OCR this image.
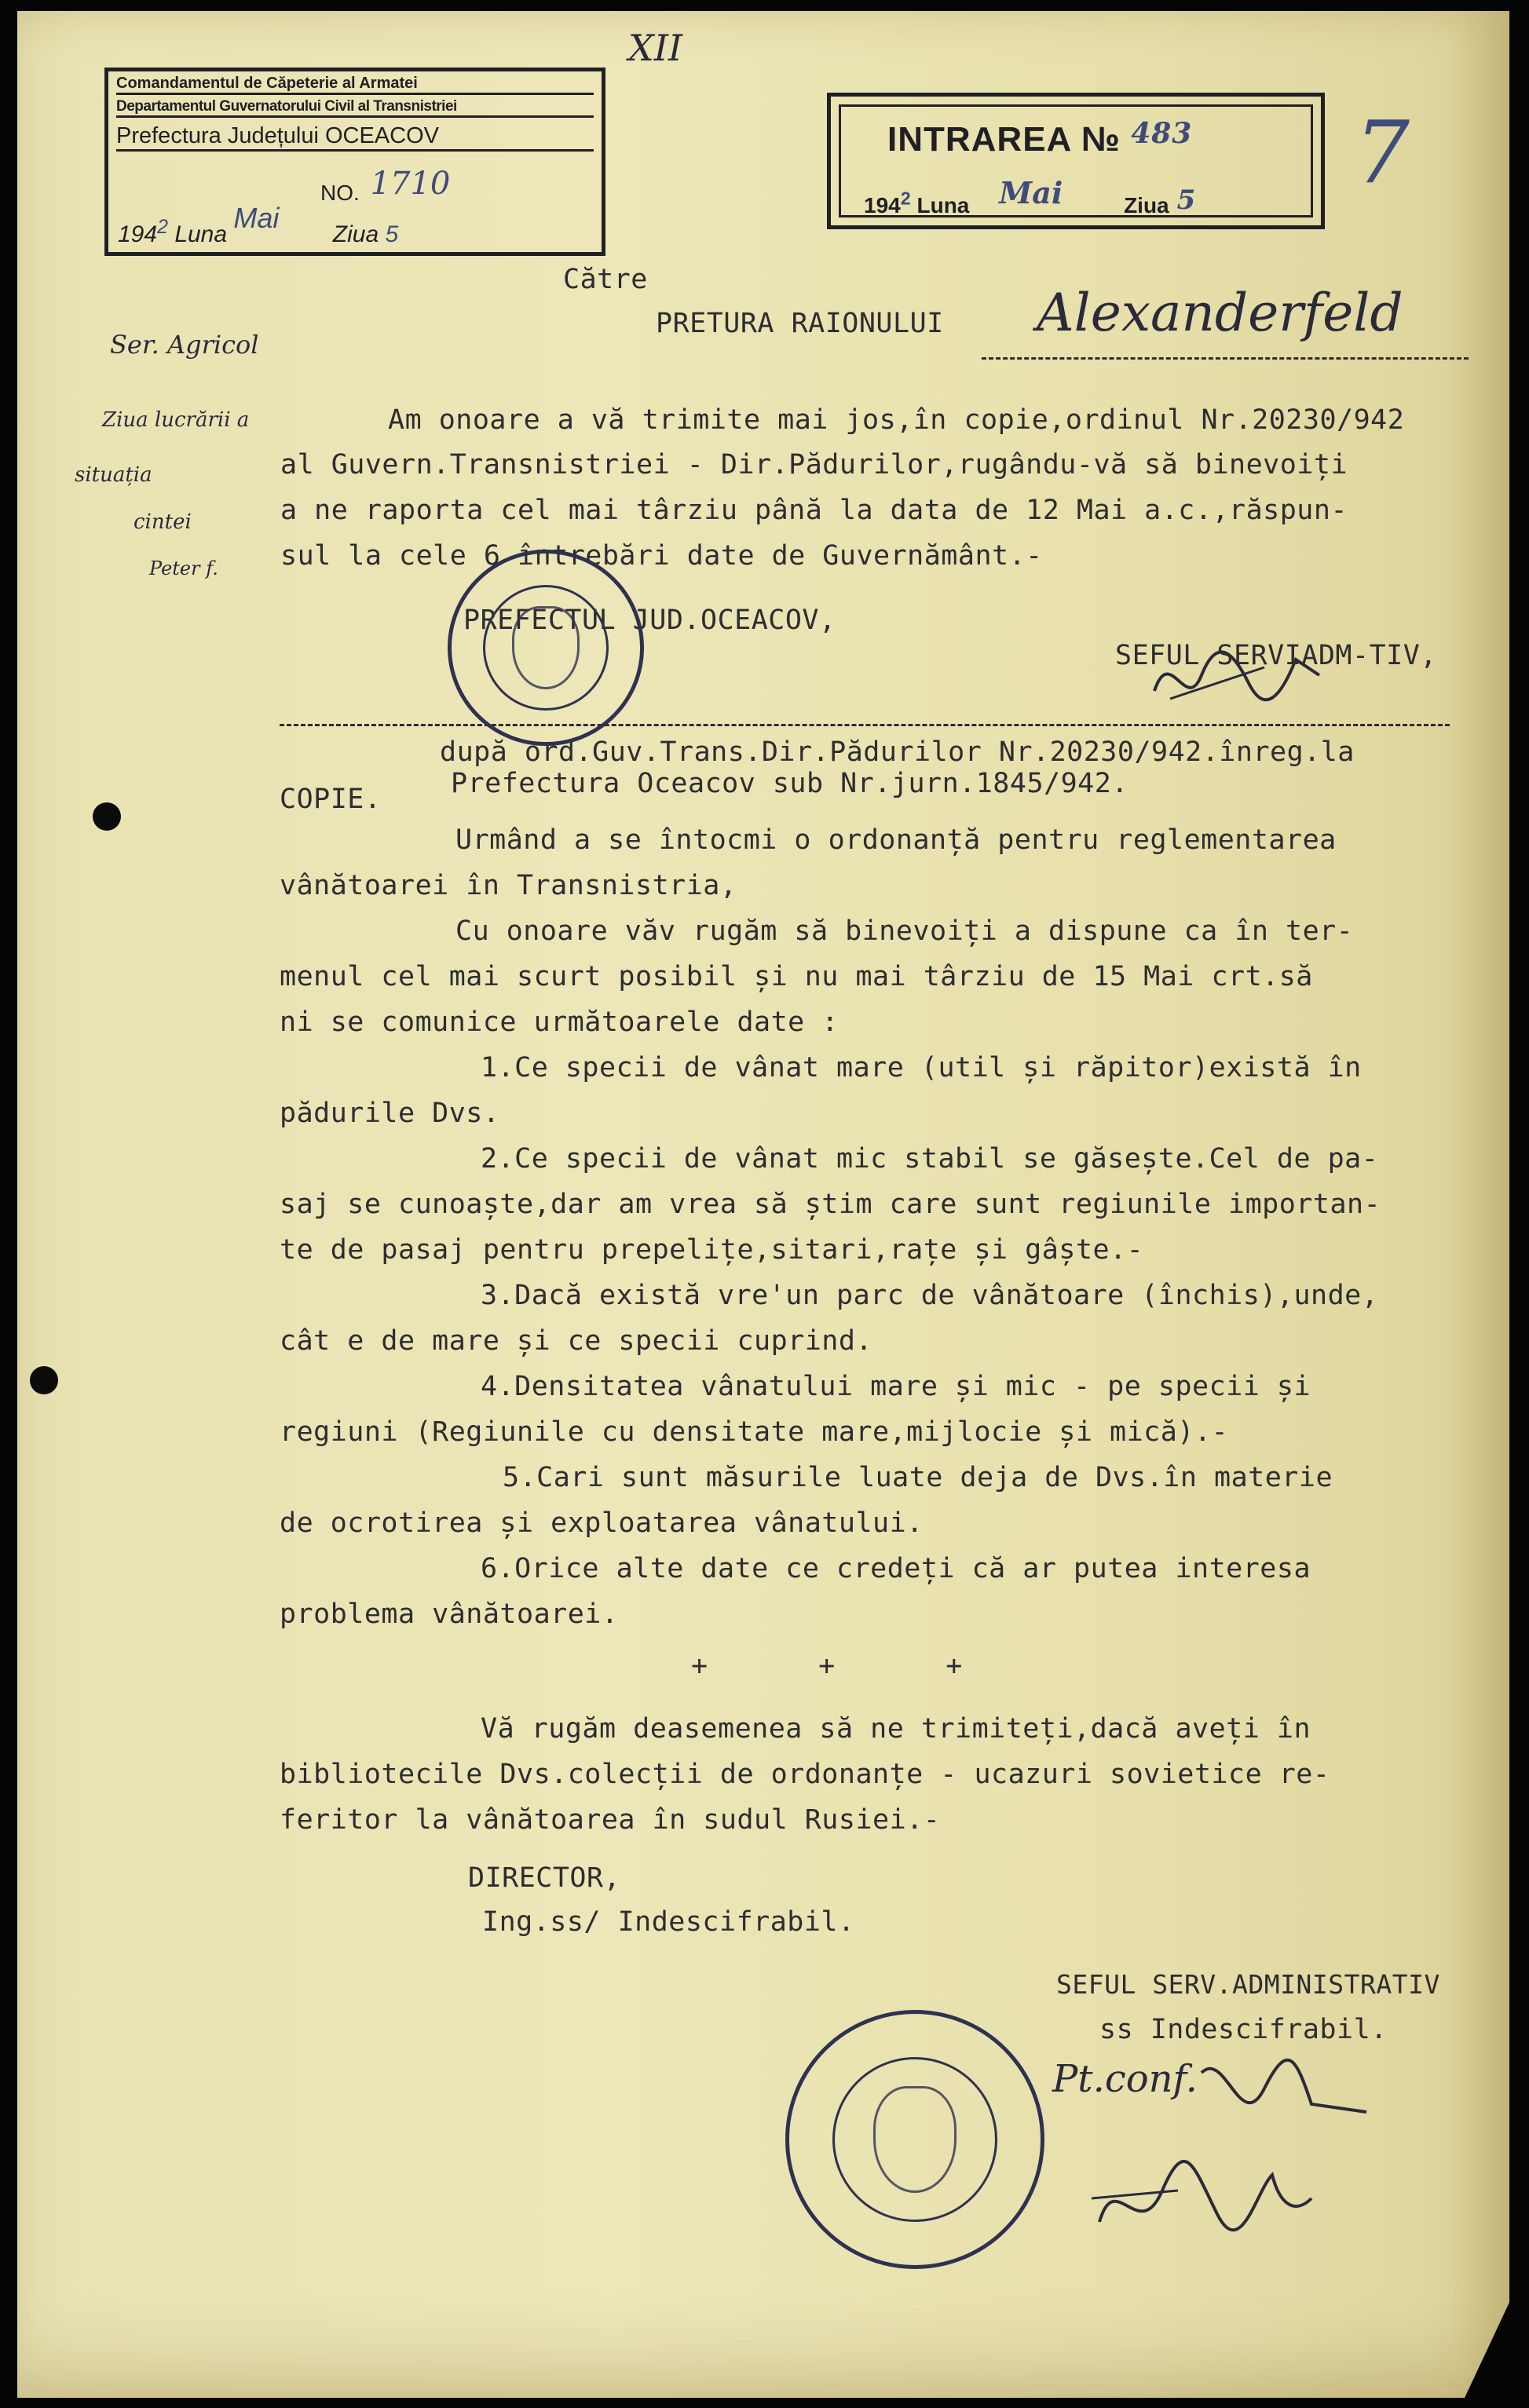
Comandamentul de Căpeterie al Armatei
Departamentul Guvernatorului Civil al Transnistriei
Prefectura Județului OCEACOV
NO. 1710
$194^2$ Luna Mai Ziua 5
INTRAREA № $^{483}$
$194^2$ Luna Mai	Ziua 5
XII
7
Alexanderfeld
Ser. Agricol
Ziua lucrării a
situația
cintei
Peter f.
Pt.conf.
Către
PRETURA RAIONULUI
Am onoare a vă trimite mai jos,în copie,ordinul Nr.20230/942
al Guvern.Transnistriei - Dir.Pădurilor,rugându-vă să binevoiți
a ne raporta cel mai târziu până la data de 12 Mai a.c.,răspun-
sul la cele 6 întrebări date de Guvernământ.-
PREFECTUL JUD.OCEACOV,
SEFUL SERVIADM-TIV,
după ord.Guv.Trans.Dir.Pădurilor Nr.20230/942.înreg.la
Prefectura Oceacov sub Nr.jurn.1845/942.
COPIE.
Urmând a se întocmi o ordonanță pentru reglementarea
vânătoarei în Transnistria,
Cu onoare văv rugăm să binevoiți a dispune ca în ter-
menul cel mai scurt posibil și nu mai târziu de 15 Mai crt.să
ni se comunice următoarele date :
1.Ce specii de vânat mare (util și răpitor)există în
pădurile Dvs.
2.Ce specii de vânat mic stabil se găsește.Cel de pa-
saj se cunoaște,dar am vrea să știm care sunt regiunile importan-
te de pasaj pentru prepelițe,sitari,rațe și gâște.-
3.Dacă există vre'un parc de vânătoare (închis),unde,
cât e de mare și ce specii cuprind.
4.Densitatea vânatului mare și mic - pe specii și
regiuni (Regiunile cu densitate mare,mijlocie și mică).-
5.Cari sunt măsurile luate deja de Dvs.în materie
de ocrotirea și exploatarea vânatului.
6.Orice alte date ce credeți că ar putea interesa
problema vânătoarei.
+ + +
Vă rugăm deasemenea să ne trimiteți,dacă aveți în
bibliotecile Dvs.colecții de ordonanțe - ucazuri sovietice re-
feritor la vânătoarea în sudul Rusiei.-
DIRECTOR,
Ing.ss/ Indescifrabil.
SEFUL SERV.ADMINISTRATIV
ss Indescifrabil.
